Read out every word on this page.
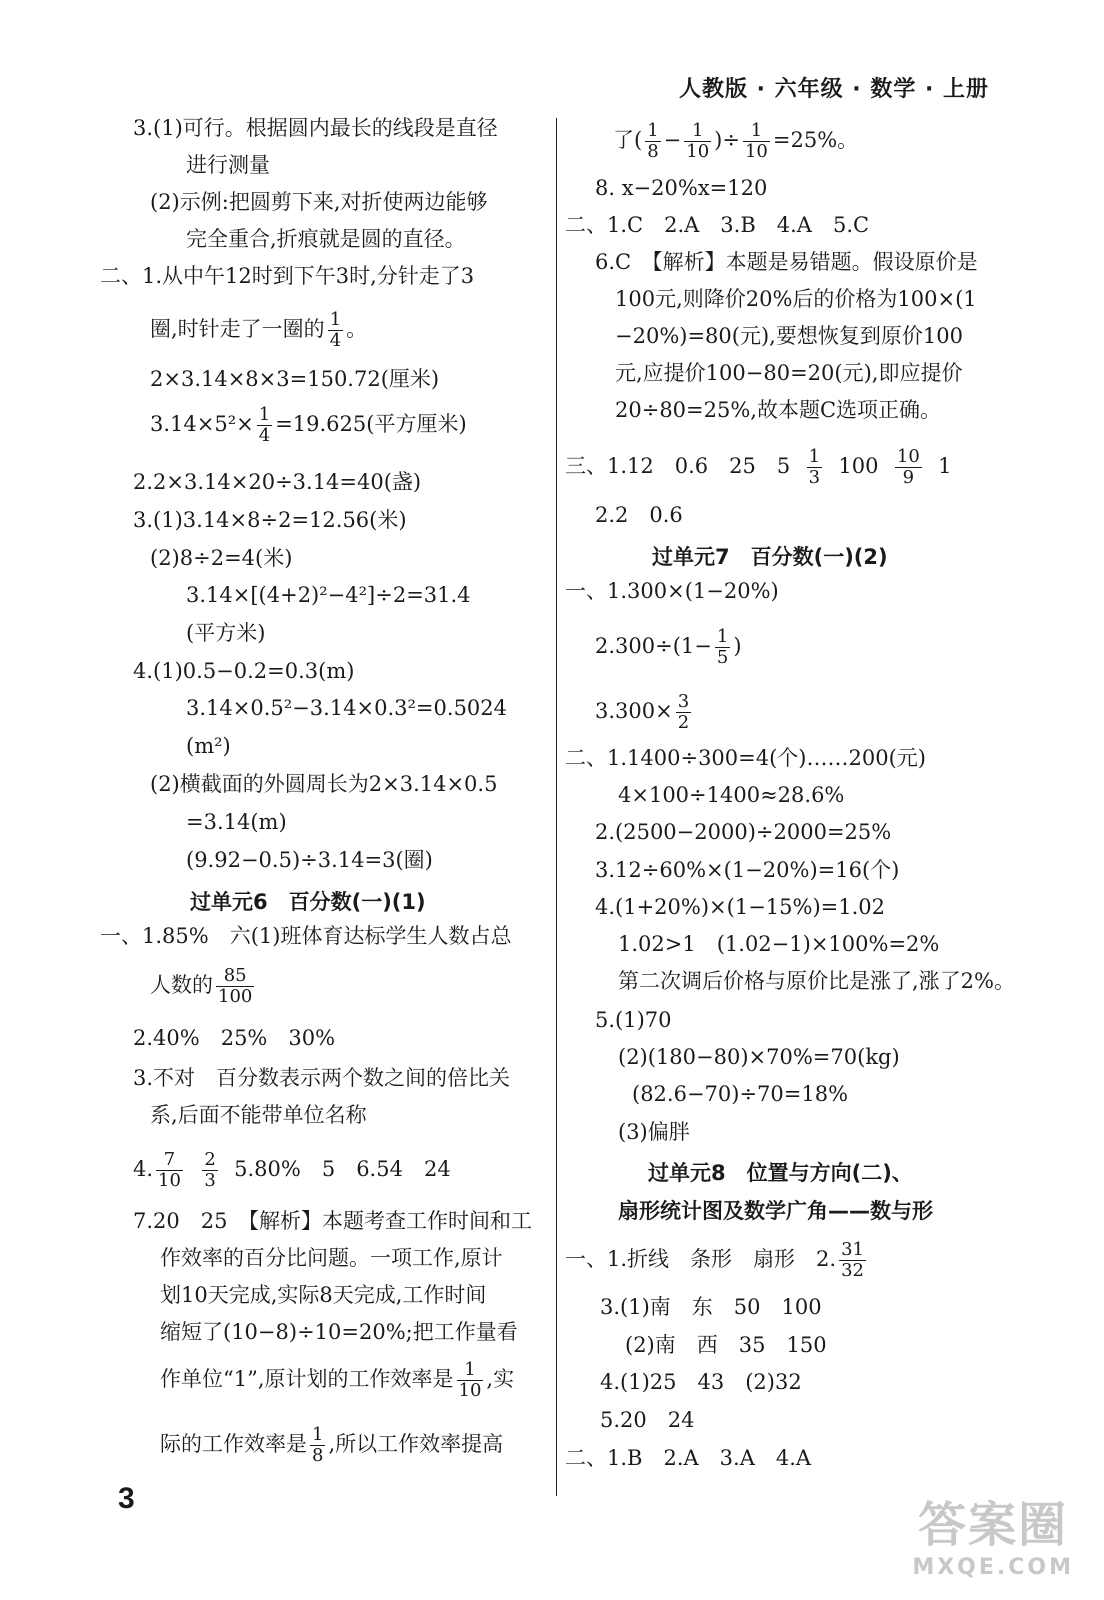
人教版 · 六年级 · 数学 · 上册
3.(1)可行。根据圆内最长的线段是直径
进行测量
(2)示例:把圆剪下来,对折使两边能够
完全重合,折痕就是圆的直径。
二、1.从中午12时到下午3时,分针走了3
圈,时针走了一圈的 $\frac{1}{4}$ 。
2×3.14×8×3=150.72(厘米)
$3.14\times 5^2\times \frac{1}{4} =19.625$(平方厘米)
2.2×3.14×20÷3.14=40(盏)
3.(1)3.14×8÷2=12.56(米)
(2)8÷2=4(米)
3.14×[(4+2)²−4²]÷2=31.4
(平方米)
4.(1)0.5−0.2=0.3(m)
3.14×0.5²−3.14×0.3²=0.5024
(m²)
(2)横截面的外圆周长为2×3.14×0.5
=3.14(m)
(9.92−0.5)÷3.14=3(圈)
过单元6　百分数(一)(1)
一、1.85%　六(1)班体育达标学生人数占总
人数的 $\frac{85}{100}$
2.40%　25%　30%
3.不对　百分数表示两个数之间的倍比关
系,后面不能带单位名称
4. $\frac{7}{10}$
$\frac{2}{3} 5.80\%$　5　6.54　24
7.20　25　【解析】本题考查工作时间和工
作效率的百分比问题。一项工作,原计
划10天完成,实际8天完成,工作时间
缩短了(10−8)÷10=20%;把工作量看
作单位“1”,原计划的工作效率是 $\frac{1}{10}$ ,实
际的工作效率是 $\frac{1}{8}$ ,所以工作效率提高
了( $\frac{1}{8} - \frac{1}{10}$ )÷ $\frac{1}{10} =25\%$。
8. x−20%x=120
二、1.C　2.A　3.B　4.A　5.C
6.C　【解析】本题是易错题。假设原价是
100元,则降价20%后的价格为100×(1
−20%)=80(元),要想恢复到原价100
元,应提价100−80=20(元),即应提价
20÷80=25%,故本题C选项正确。
三、1.12　0.6　25　$5 \frac{1}{3} 100 \frac{10}{9} 1$
2.2　0.6
过单元7　百分数(一)(2)
一、1.300×(1−20%)
$2.300\div(1- \frac{1}{5}$ )
$3.300\times \frac{3}{2}$
二、1.1400÷300=4(个)……200(元)
4×100÷1400≈28.6%
2.(2500−2000)÷2000=25%
3.12÷60%×(1−20%)=16(个)
4.(1+20%)×(1−15%)=1.02
1.02>1　(1.02−1)×100%=2%
第二次调后价格与原价比是涨了,涨了2%。
5.(1)70
(2)(180−80)×70%=70(kg)
(82.6−70)÷70=18%
(3)偏胖
过单元8　位置与方向(二)、
扇形统计图及数学广角——数与形
一、1.折线　条形　扇形　2. $\frac{31}{32}$
3.(1)南　东　50　100
(2)南　西　35　150
4.(1)25　43　(2)32
5.20　24
二、1.B　2.A　3.A　4.A
3	答案圈
MXQE.COM
